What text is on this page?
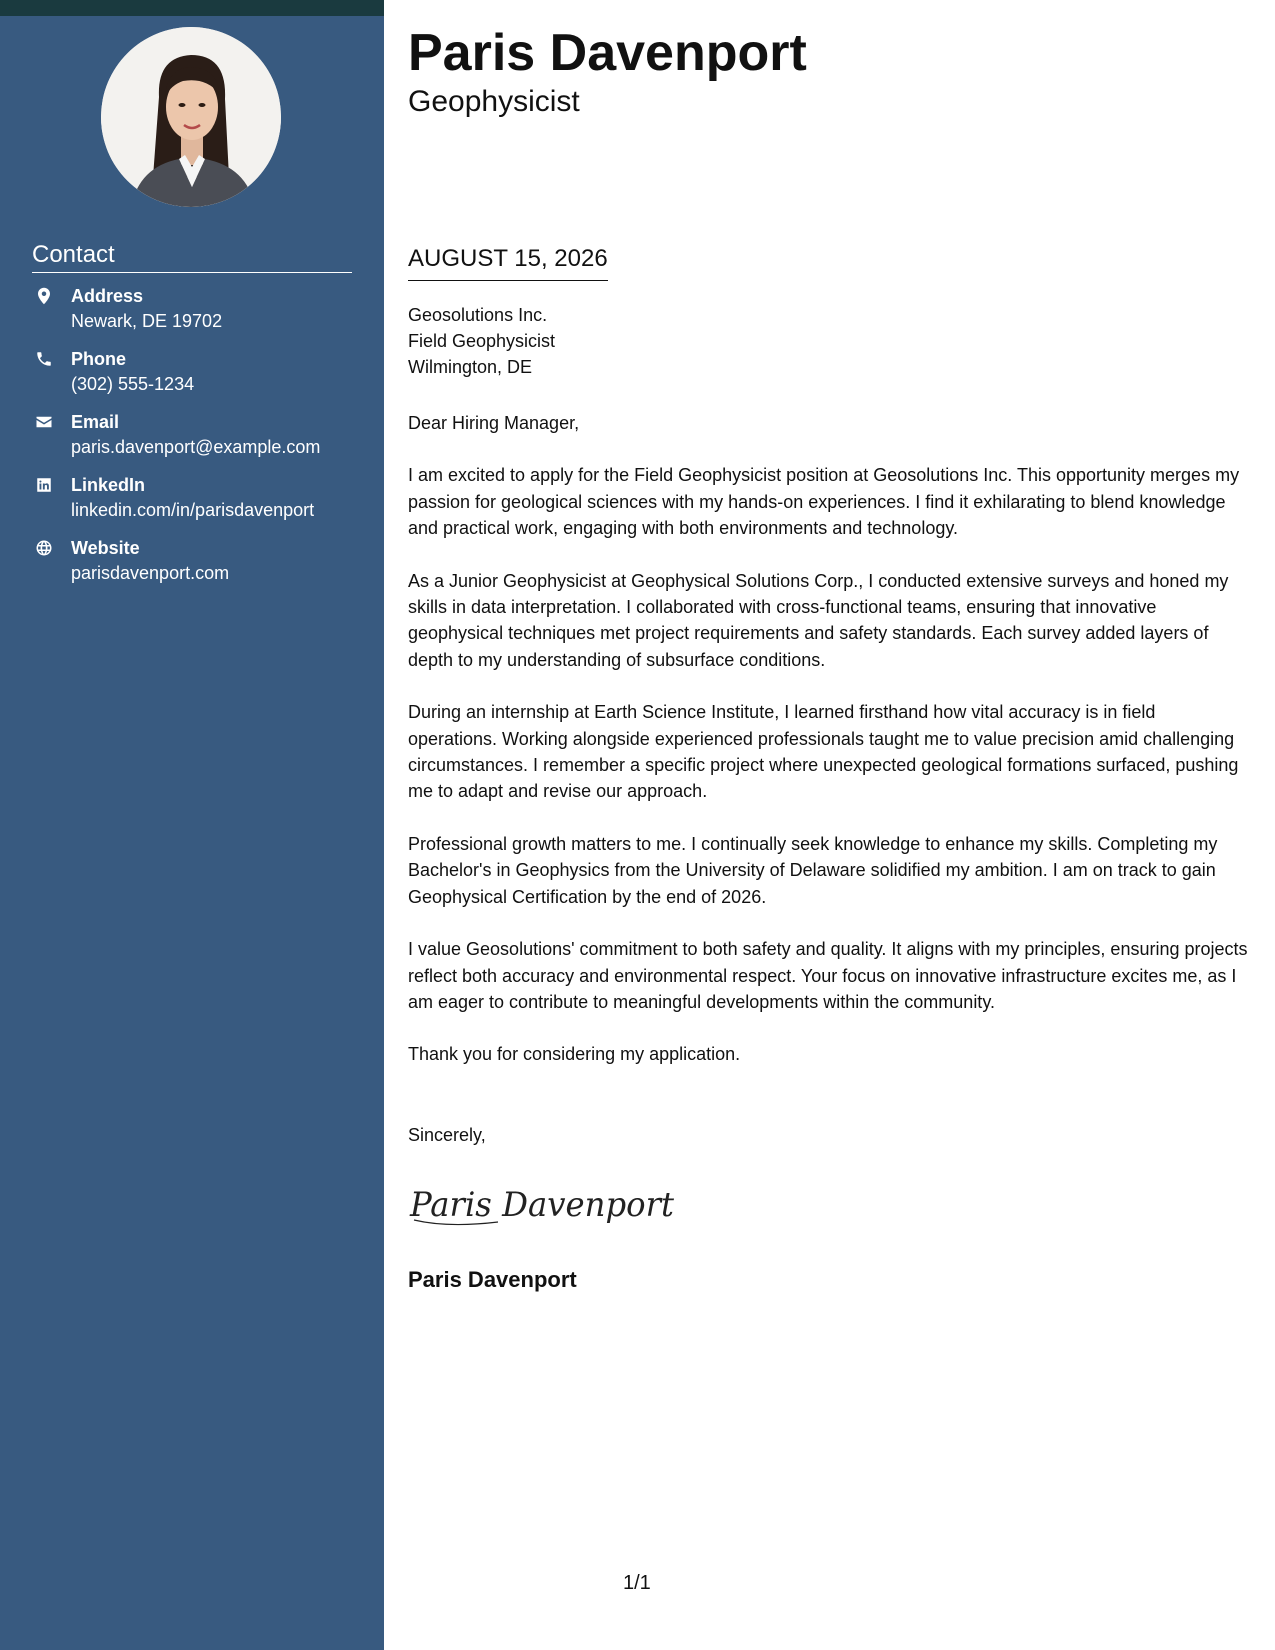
Contact
Address
Newark, DE 19702
Phone
(302) 555-1234
Email
paris.davenport@example.com
LinkedIn
linkedin.com/in/parisdavenport
Website
parisdavenport.com
Paris Davenport
Geophysicist
AUGUST 15, 2026
Geosolutions Inc.
Field Geophysicist
Wilmington, DE

Dear Hiring Manager,

I am excited to apply for the Field Geophysicist position at Geosolutions Inc. This opportunity merges my passion for geological sciences with my hands-on experiences. I find it exhilarating to blend knowledge and practical work, engaging with both environments and technology.

As a Junior Geophysicist at Geophysical Solutions Corp., I conducted extensive surveys and honed my skills in data interpretation. I collaborated with cross-functional teams, ensuring that innovative geophysical techniques met project requirements and safety standards. Each survey added layers of depth to my understanding of subsurface conditions.

During an internship at Earth Science Institute, I learned firsthand how vital accuracy is in field operations. Working alongside experienced professionals taught me to value precision amid challenging circumstances. I remember a specific project where unexpected geological formations surfaced, pushing me to adapt and revise our approach.

Professional growth matters to me. I continually seek knowledge to enhance my skills. Completing my Bachelor's in Geophysics from the University of Delaware solidified my ambition. I am on track to gain Geophysical Certification by the end of 2026.

I value Geosolutions' commitment to both safety and quality. It aligns with my principles, ensuring projects reflect both accuracy and environmental respect. Your focus on innovative infrastructure excites me, as I am eager to contribute to meaningful developments within the community.

Thank you for considering my application.

Sincerely,
Paris Davenport
Paris Davenport
1/1
